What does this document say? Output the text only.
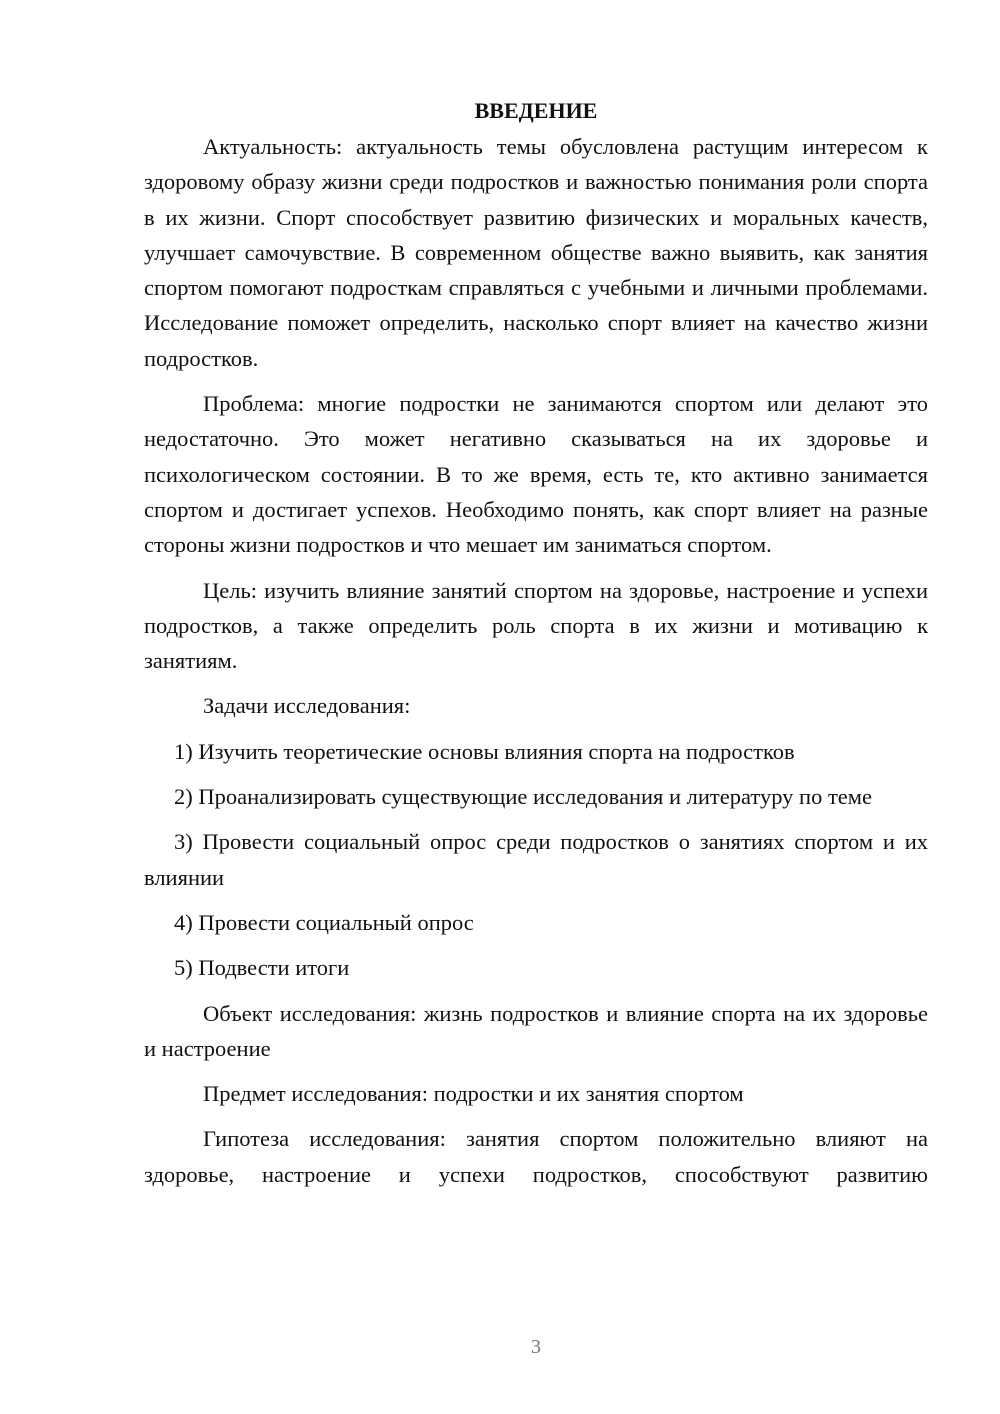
ВВЕДЕНИЕ

Актуальность: актуальность темы обусловлена растущим интересом к здоровому образу жизни среди подростков и важностью понимания роли спорта в их жизни. Спорт способствует развитию физических и моральных качеств, улучшает самочувствие. В современном обществе важно выявить, как занятия спортом помогают подросткам справляться с учебными и личными проблемами. Исследование поможет определить, насколько спорт влияет на качество жизни подростков.

Проблема: многие подростки не занимаются спортом или делают это недостаточно. Это может негативно сказываться на их здоровье и психологическом состоянии. В то же время, есть те, кто активно занимается спортом и достигает успехов. Необходимо понять, как спорт влияет на разные стороны жизни подростков и что мешает им заниматься спортом.

Цель: изучить влияние занятий спортом на здоровье, настроение и успехи подростков, а также определить роль спорта в их жизни и мотивацию к занятиям.

Задачи исследования:

1) Изучить теоретические основы влияния спорта на подростков

2) Проанализировать существующие исследования и литературу по теме

3) Провести социальный опрос среди подростков о занятиях спортом и их влиянии

4) Провести социальный опрос

5) Подвести итоги

Объект исследования: жизнь подростков и влияние спорта на их здоровье и настроение

Предмет исследования: подростки и их занятия спортом

Гипотеза исследования: занятия спортом положительно влияют на здоровье, настроение и успехи подростков, способствуют развитию

3
